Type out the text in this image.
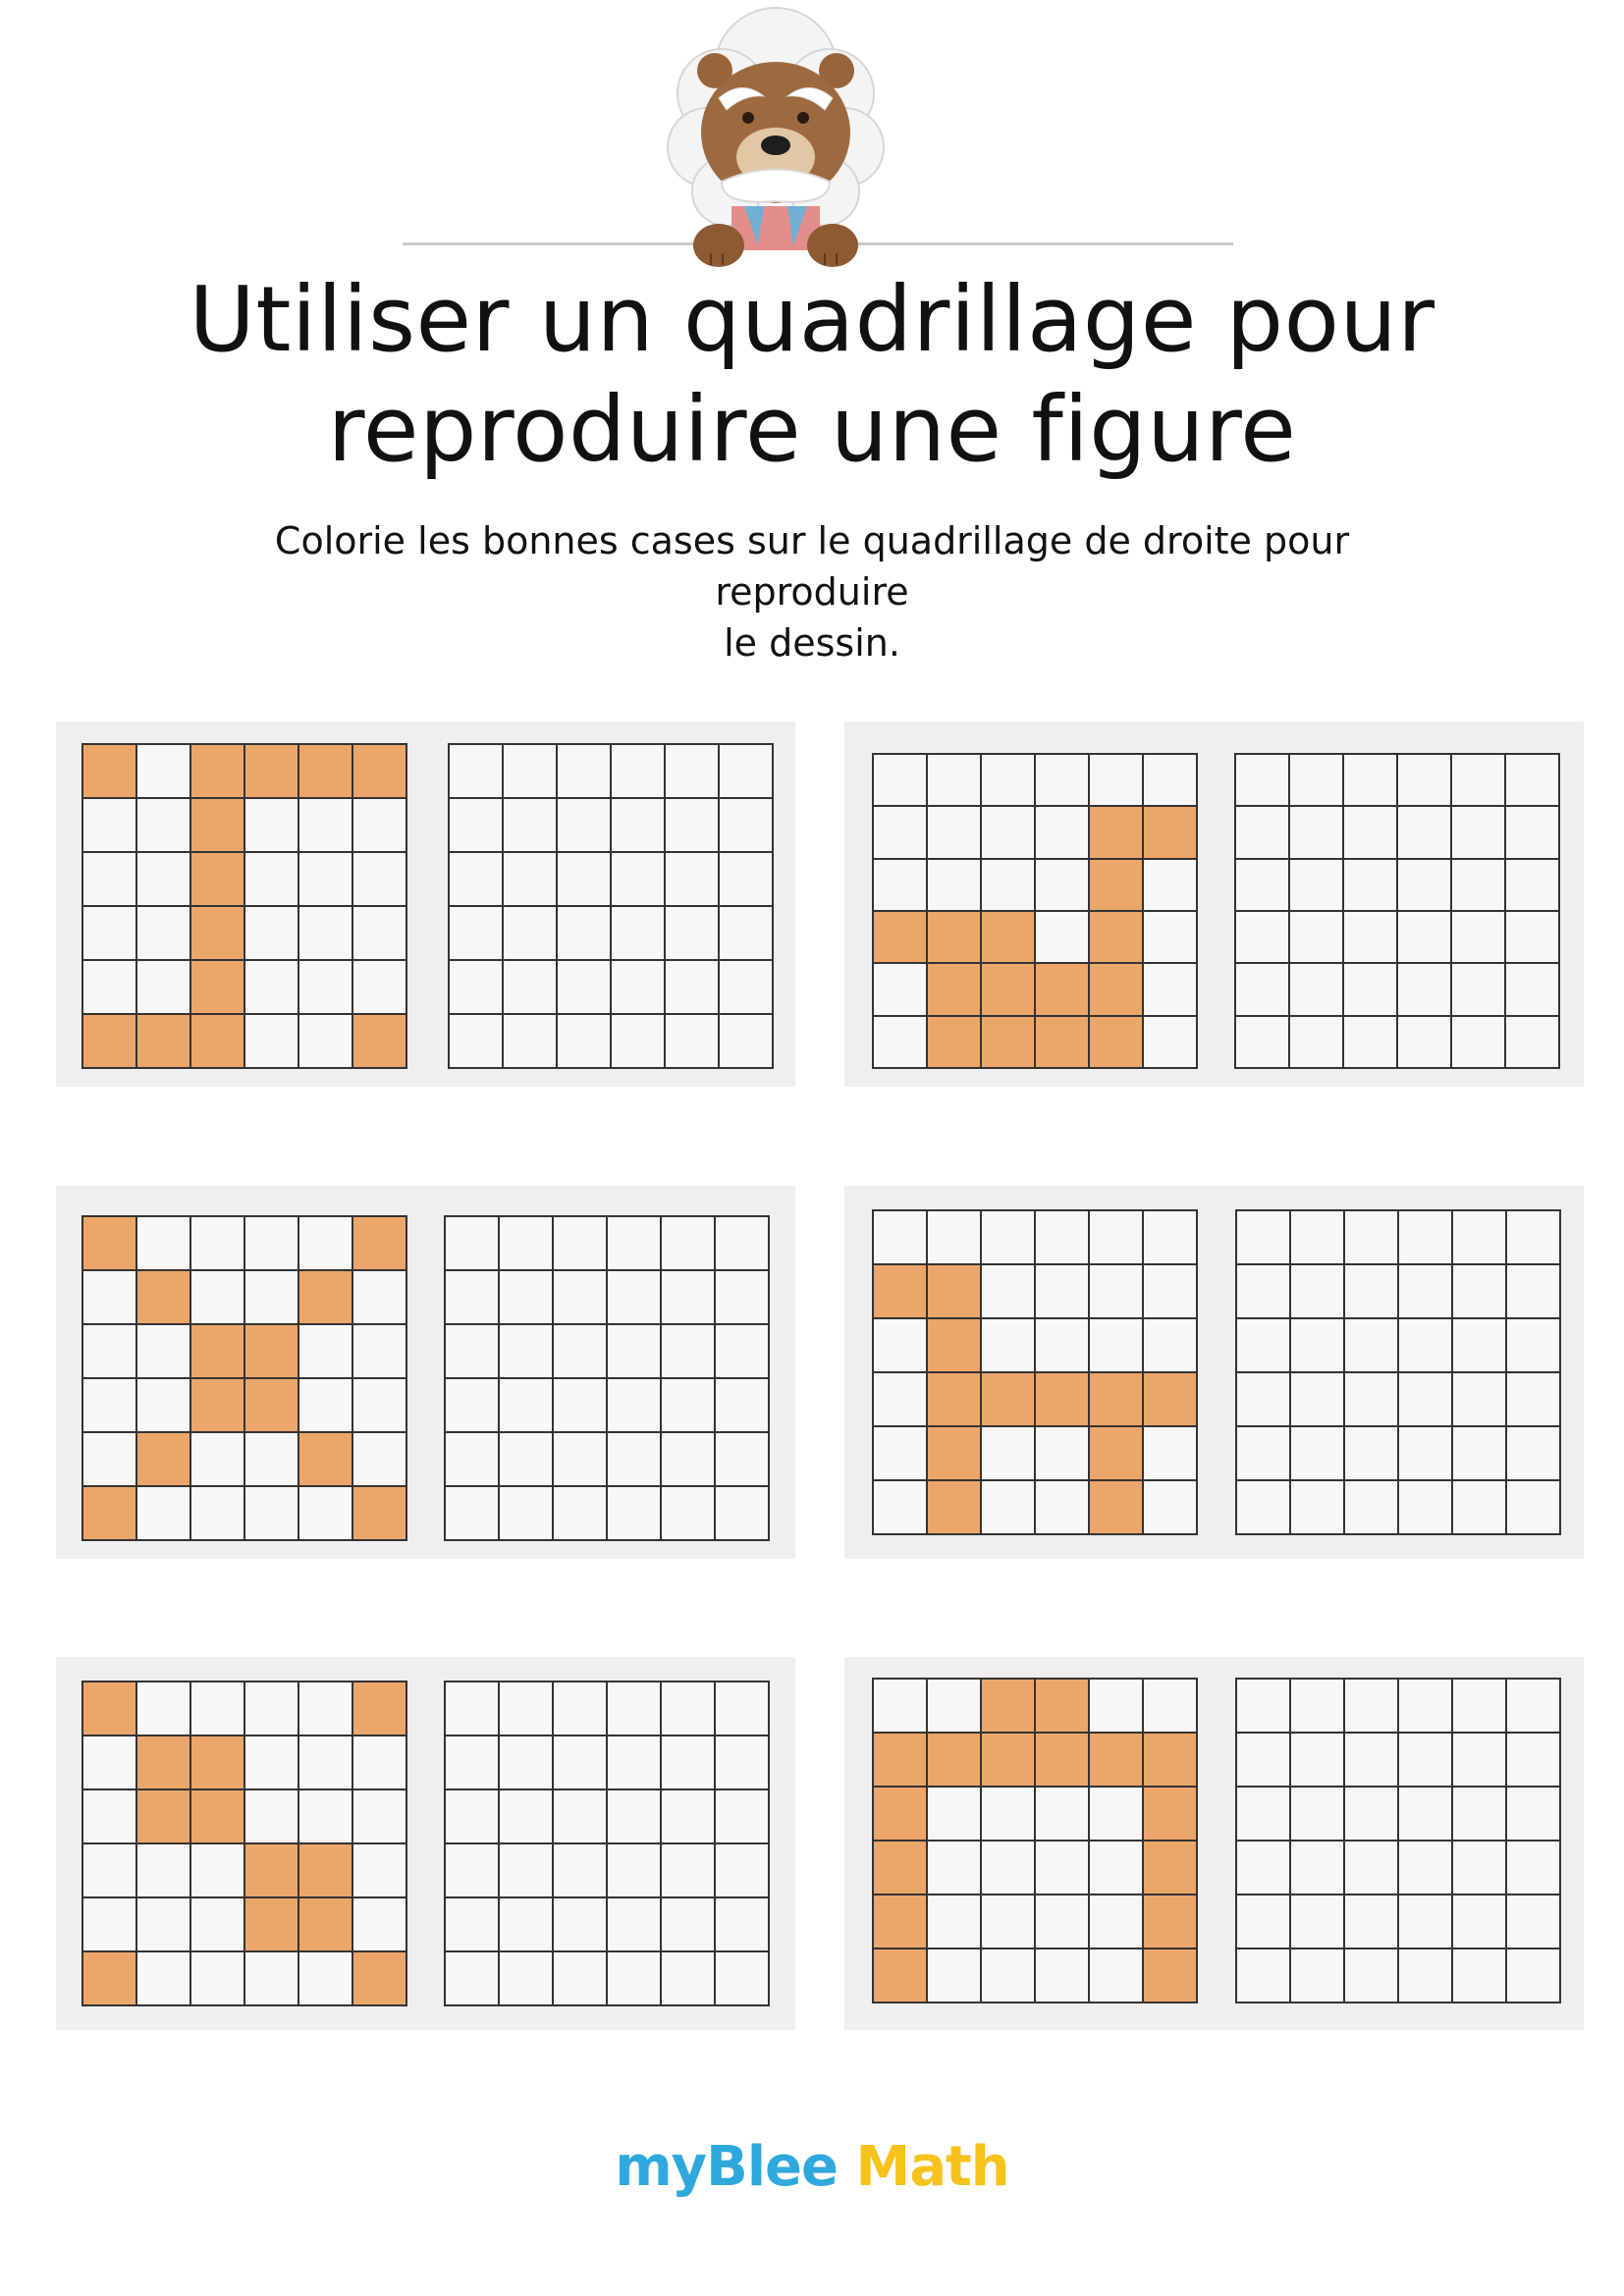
Utiliser un quadrillage pour
reproduire une figure
Colorie les bonnes cases sur le quadrillage de droite pour reproduire
le dessin.
myBlee Math
